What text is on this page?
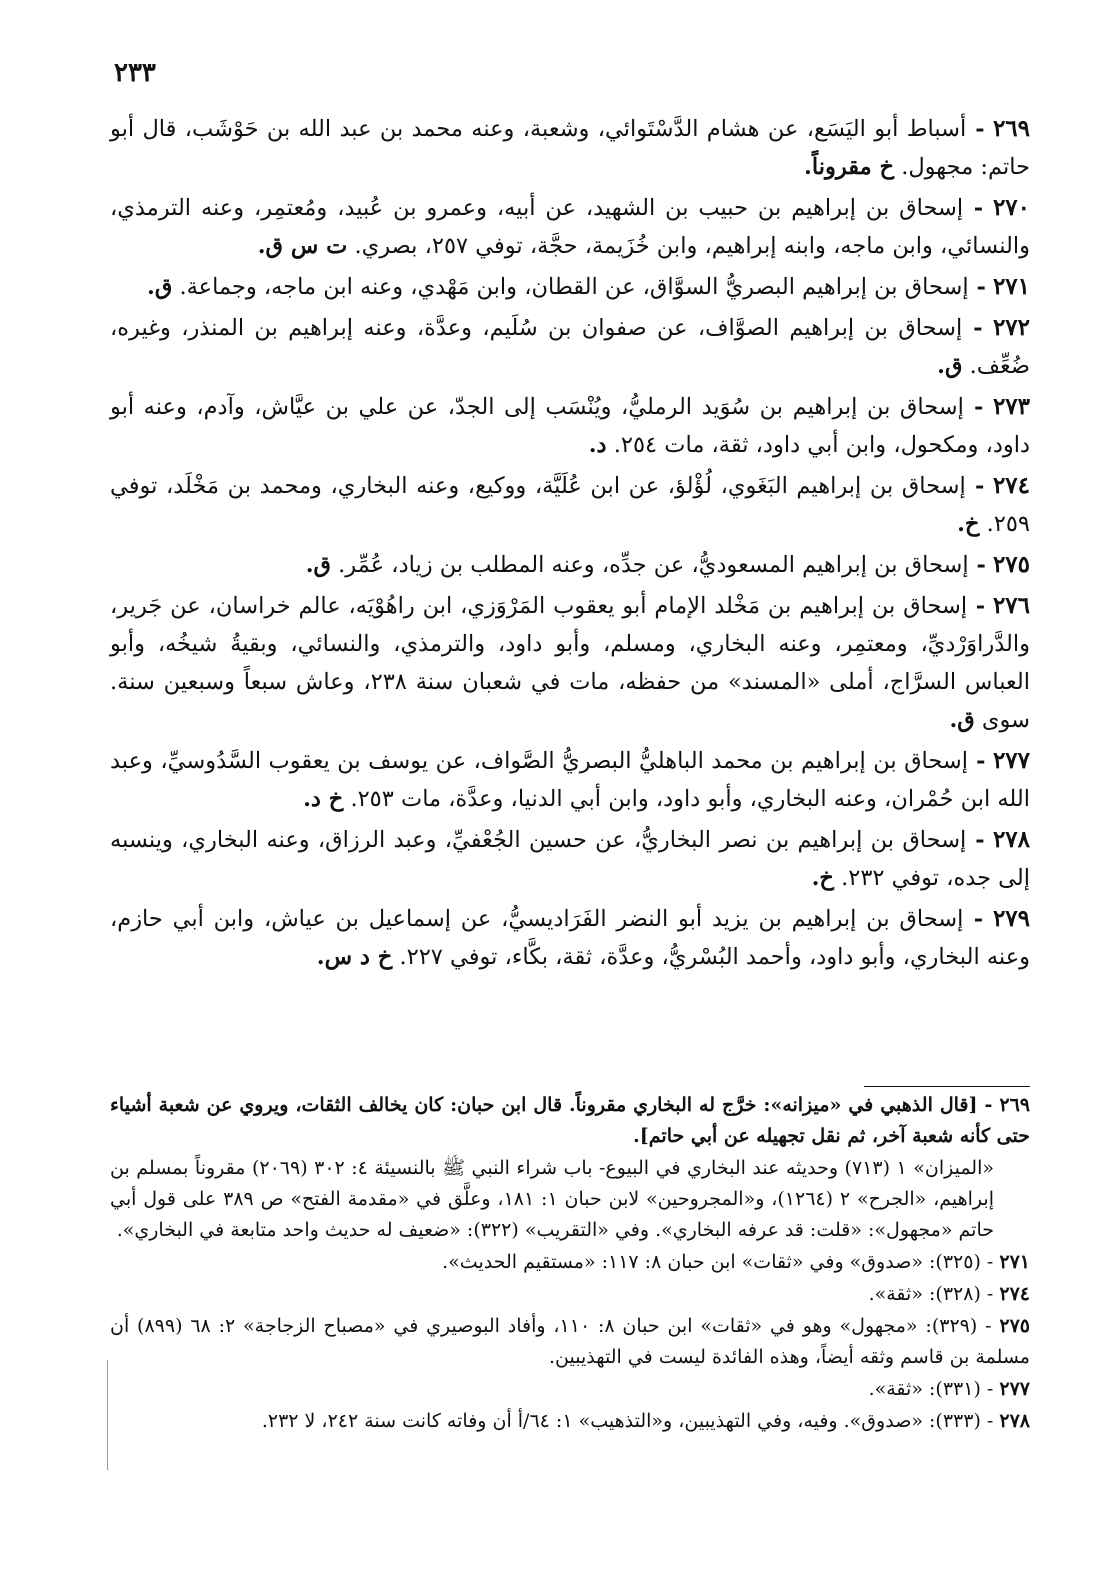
٢٣٣
٢٦٩ - أسباط أبو اليَسَع، عن هشام الدَّسْتَوائي، وشعبة، وعنه محمد بن عبد الله بن حَوْشَب، قال أبو حاتم: مجهول. خ مقروناً.
٢٧٠ - إسحاق بن إبراهيم بن حبيب بن الشهيد، عن أبيه، وعمرو بن عُبيد، ومُعتمِر، وعنه الترمذي، والنسائي، وابن ماجه، وابنه إبراهيم، وابن خُزَيمة، حجَّة، توفي ٢٥٧، بصري. ت س ق.
٢٧١ - إسحاق بن إبراهيم البصريُّ السوَّاق، عن القطان، وابن مَهْدي، وعنه ابن ماجه، وجماعة. ق.
٢٧٢ - إسحاق بن إبراهيم الصوَّاف، عن صفوان بن سُلَيم، وعدَّة، وعنه إبراهيم بن المنذر، وغيره، ضُعِّف. ق.
٢٧٣ - إسحاق بن إبراهيم بن سُوَيد الرمليُّ، ويُنْسَب إلى الجدّ، عن علي بن عيَّاش، وآدم، وعنه أبو داود، ومكحول، وابن أبي داود، ثقة، مات ٢٥٤. د.
٢٧٤ - إسحاق بن إبراهيم البَغَوي، لُؤْلؤ، عن ابن عُلَيَّة، ووكيع، وعنه البخاري، ومحمد بن مَخْلَد، توفي ٢٥٩. خ.
٢٧٥ - إسحاق بن إبراهيم المسعوديُّ، عن جدِّه، وعنه المطلب بن زياد، عُمِّر. ق.
٢٧٦ - إسحاق بن إبراهيم بن مَخْلد الإمام أبو يعقوب المَرْوَزي، ابن راهُوْيَه، عالم خراسان، عن جَرير، والدَّراوَرْديِّ، ومعتمِر، وعنه البخاري، ومسلم، وأبو داود، والترمذي، والنسائي، وبقيةُ شيخُه، وأبو العباس السرَّاج، أملى «المسند» من حفظه، مات في شعبان سنة ٢٣٨، وعاش سبعاً وسبعين سنة. سوى ق.
٢٧٧ - إسحاق بن إبراهيم بن محمد الباهليُّ البصريُّ الصَّواف، عن يوسف بن يعقوب السَّدُوسيِّ، وعبد الله ابن حُمْران، وعنه البخاري، وأبو داود، وابن أبي الدنيا، وعدَّة، مات ٢٥٣. خ د.
٢٧٨ - إسحاق بن إبراهيم بن نصر البخاريُّ، عن حسين الجُعْفيِّ، وعبد الرزاق، وعنه البخاري، وينسبه إلى جده، توفي ٢٣٢. خ.
٢٧٩ - إسحاق بن إبراهيم بن يزيد أبو النضر الفَرَاديسيُّ، عن إسماعيل بن عياش، وابن أبي حازم، وعنه البخاري، وأبو داود، وأحمد البُسْريُّ، وعدَّة، ثقة، بكَّاء، توفي ٢٢٧. خ د س.
٢٦٩ - [قال الذهبي في «ميزانه»: خرَّج له البخاري مقروناً. قال ابن حبان: كان يخالف الثقات، ويروي عن شعبة أشياء حتى كأنه شعبة آخر، ثم نقل تجهيله عن أبي حاتم].
«الميزان» ١ (٧١٣) وحديثه عند البخاري في البيوع- باب شراء النبي ﷺ بالنسيئة ٤: ٣٠٢ (٢٠٦٩) مقروناً بمسلم بن إبراهيم، «الجرح» ٢ (١٢٦٤)، و«المجروحين» لابن حبان ١: ١٨١، وعلَّق في «مقدمة الفتح» ص ٣٨٩ على قول أبي حاتم «مجهول»: «قلت: قد عرفه البخاري». وفي «التقريب» (٣٢٢): «ضعيف له حديث واحد متابعة في البخاري».
٢٧١ - (٣٢٥): «صدوق» وفي «ثقات» ابن حبان ٨: ١١٧: «مستقيم الحديث».
٢٧٤ - (٣٢٨): «ثقة».
٢٧٥ - (٣٢٩): «مجهول» وهو في «ثقات» ابن حبان ٨: ١١٠، وأفاد البوصيري في «مصباح الزجاجة» ٢: ٦٨ (٨٩٩) أن مسلمة بن قاسم وثقه أيضاً، وهذه الفائدة ليست في التهذيبين.
٢٧٧ - (٣٣١): «ثقة».
٢٧٨ - (٣٣٣): «صدوق». وفيه، وفي التهذيبين، و«التذهيب» ١: ٦٤/أ أن وفاته كانت سنة ٢٤٢، لا ٢٣٢.
